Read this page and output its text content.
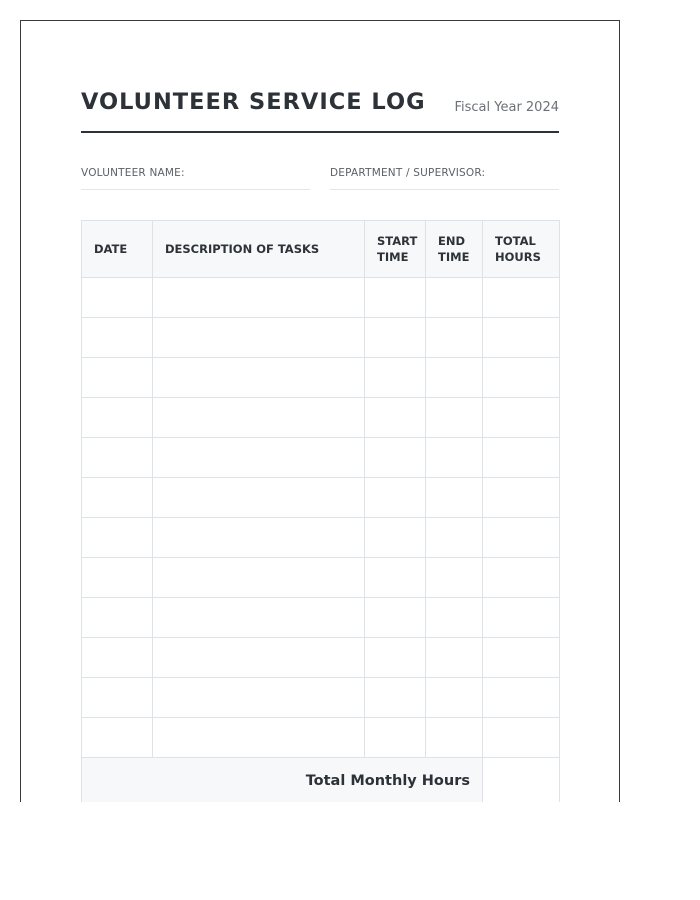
VOLUNTEER SERVICE LOG Fiscal Year 2024
VOLUNTEER NAME:	DEPARTMENT / SUPERVISOR:
DATE	DESCRIPTION OF TASKS	START TIME	END TIME	TOTAL HOURS

Total Monthly Hours				
